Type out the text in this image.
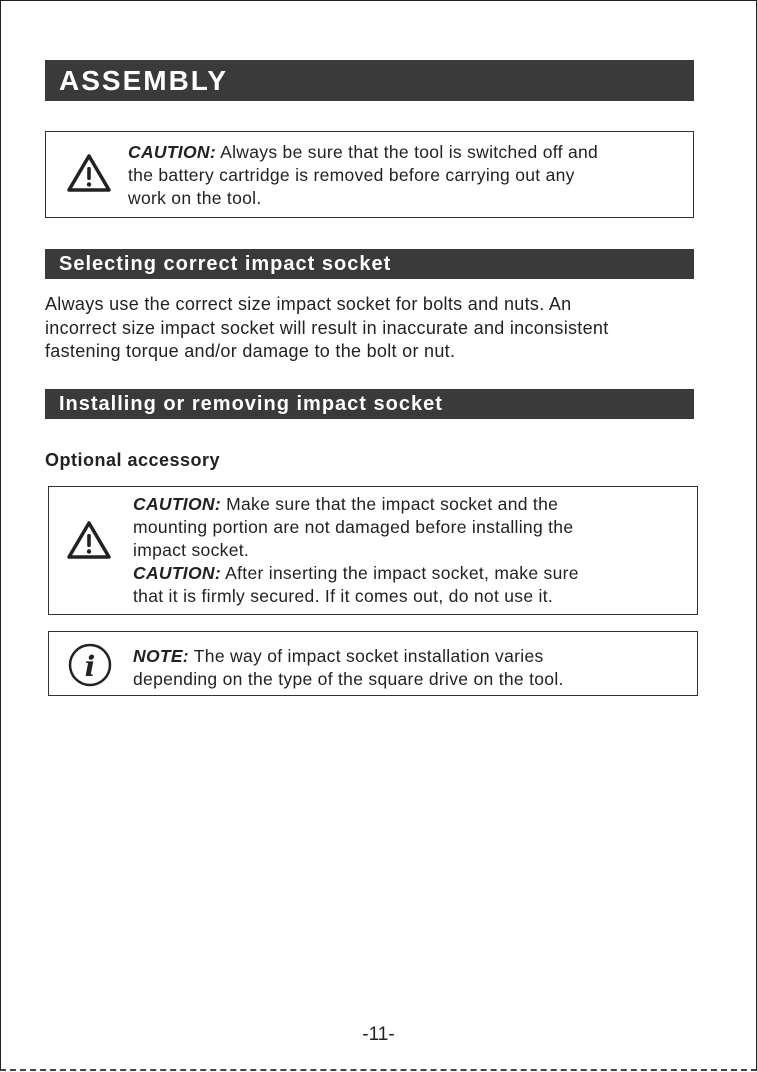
ASSEMBLY
CAUTION: Always be sure that the tool is switched off and
the battery cartridge is removed before carrying out any
work on the tool.
Selecting correct impact socket
Always use the correct size impact socket for bolts and nuts. An
incorrect size impact socket will result in inaccurate and inconsistent
fastening torque and/or damage to the bolt or nut.
Installing or removing impact socket
Optional accessory
CAUTION: Make sure that the impact socket and the
mounting portion are not damaged before installing the
impact socket.
CAUTION: After inserting the impact socket, make sure
that it is firmly secured. If it comes out, do not use it.
i NOTE: The way of impact socket installation varies
depending on the type of the square drive on the tool.
-11-
